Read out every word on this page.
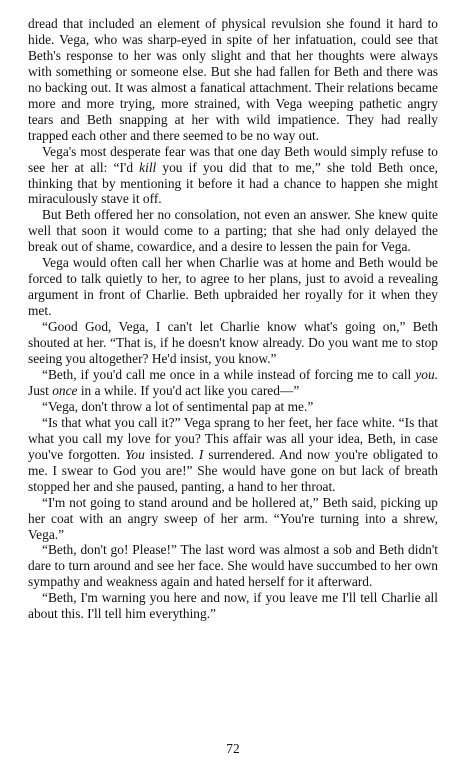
dread that included an element of physical revulsion she found it hard to hide. Vega, who was sharp-eyed in spite of her infatuation, could see that Beth's response to her was only slight and that her thoughts were always with something or someone else. But she had fallen for Beth and there was no backing out. It was almost a fanatical attachment. Their relations became more and more trying, more strained, with Vega weeping pathetic angry tears and Beth snapping at her with wild impatience. They had really trapped each other and there seemed to be no way out.

Vega's most desperate fear was that one day Beth would simply refuse to see her at all: “I'd kill you if you did that to me,” she told Beth once, thinking that by mentioning it before it had a chance to happen she might miraculously stave it off.

But Beth offered her no consolation, not even an answer. She knew quite well that soon it would come to a parting; that she had only delayed the break out of shame, cowardice, and a desire to lessen the pain for Vega.

Vega would often call her when Charlie was at home and Beth would be forced to talk quietly to her, to agree to her plans, just to avoid a revealing argument in front of Charlie. Beth upbraided her royally for it when they met.

“Good God, Vega, I can't let Charlie know what's going on,” Beth shouted at her. “That is, if he doesn't know already. Do you want me to stop seeing you altogether? He'd insist, you know.”

“Beth, if you'd call me once in a while instead of forcing me to call you. Just once in a while. If you'd act like you cared—”

“Vega, don't throw a lot of sentimental pap at me.”

“Is that what you call it?” Vega sprang to her feet, her face white. “Is that what you call my love for you? This affair was all your idea, Beth, in case you've forgotten. You insisted. I surrendered. And now you're obligated to me. I swear to God you are!” She would have gone on but lack of breath stopped her and she paused, panting, a hand to her throat.

“I'm not going to stand around and be hollered at,” Beth said, picking up her coat with an angry sweep of her arm. “You're turning into a shrew, Vega.”

“Beth, don't go! Please!” The last word was almost a sob and Beth didn't dare to turn around and see her face. She would have succumbed to her own sympathy and weakness again and hated herself for it afterward.

“Beth, I'm warning you here and now, if you leave me I'll tell Charlie all about this. I'll tell him everything.”

72
